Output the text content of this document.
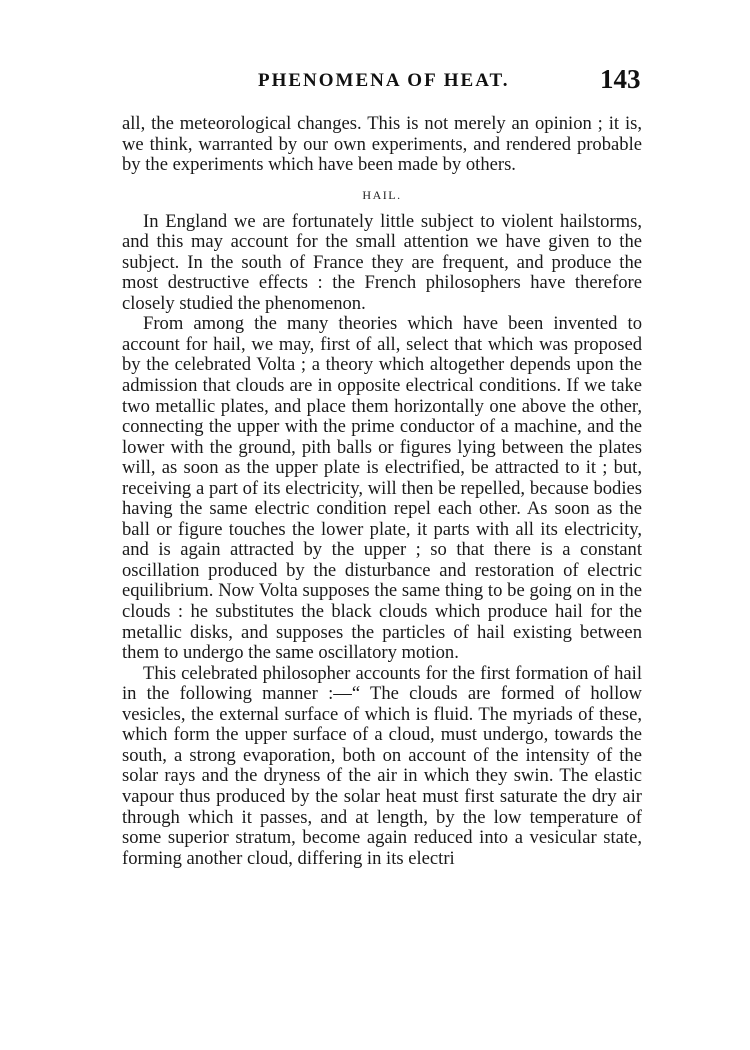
PHENOMENA OF HEAT.	143

all, the meteorological changes. This is not merely an opinion ; it is, we think, warranted by our own experiments, and rendered probable by the experiments which have been made by others.

HAIL.

In England we are fortunately little subject to violent hailstorms, and this may account for the small attention we have given to the subject. In the south of France they are frequent, and produce the most destructive effects : the French philosophers have therefore closely studied the phenomenon.

From among the many theories which have been invented to account for hail, we may, first of all, select that which was proposed by the celebrated Volta ; a theory which altogether depends upon the admission that clouds are in opposite electrical conditions. If we take two metallic plates, and place them horizontally one above the other, connecting the upper with the prime conductor of a machine, and the lower with the ground, pith balls or figures lying between the plates will, as soon as the upper plate is electrified, be attracted to it ; but, receiving a part of its electricity, will then be repelled, because bodies having the same electric condition repel each other. As soon as the ball or figure touches the lower plate, it parts with all its electricity, and is again attracted by the upper ; so that there is a constant oscillation produced by the disturbance and restoration of electric equilibrium. Now Volta supposes the same thing to be going on in the clouds : he substitutes the black clouds which produce hail for the metallic disks, and supposes the particles of hail existing between them to undergo the same oscillatory motion.

This celebrated philosopher accounts for the first formation of hail in the following manner :—“ The clouds are formed of hollow vesicles, the external surface of which is fluid. The myriads of these, which form the upper surface of a cloud, must undergo, towards the south, a strong evaporation, both on account of the intensity of the solar rays and the dryness of the air in which they swin. The elastic vapour thus produced by the solar heat must first saturate the dry air through which it passes, and at length, by the low temperature of some superior stratum, become again reduced into a vesicular state, forming another cloud, differing in its electri
